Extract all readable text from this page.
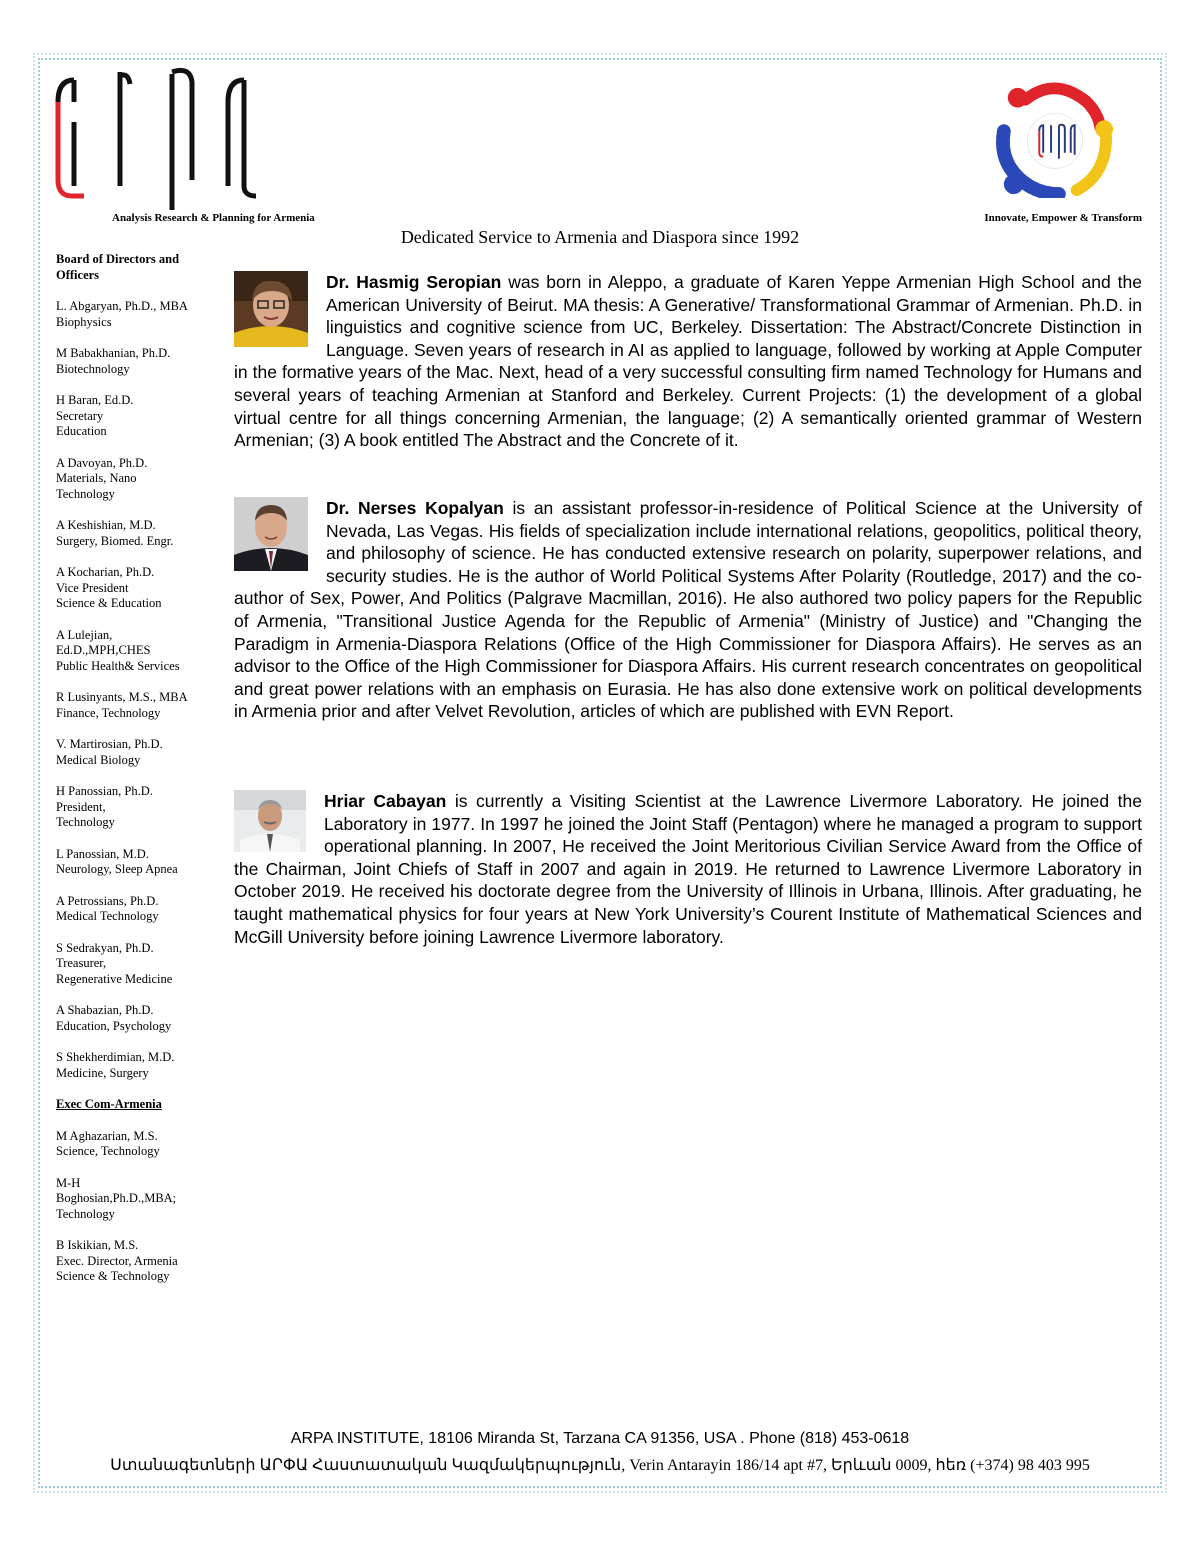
Analysis Research & Planning for Armenia	Innovate, Empower & Transform
Dedicated Service to Armenia and Diaspora since 1992
Board of Directors and Officers
L. Abgaryan, Ph.D., MBA
Biophysics
M Babakhanian, Ph.D.
Biotechnology
H Baran, Ed.D.
Secretary
Education
A Davoyan, Ph.D.
Materials, Nano
Technology
A Keshishian, M.D.
Surgery, Biomed. Engr.
A Kocharian, Ph.D.
Vice President
Science & Education
A Lulejian,
Ed.D.,MPH,CHES
Public Health& Services
R Lusinyants, M.S., MBA
Finance, Technology
V. Martirosian, Ph.D.
Medical Biology
H Panossian, Ph.D.
President,
Technology
L Panossian, M.D.
Neurology, Sleep Apnea
A Petrossians, Ph.D.
Medical Technology
S Sedrakyan, Ph.D.
Treasurer,
Regenerative Medicine
A Shabazian, Ph.D.
Education, Psychology
S Shekherdimian, M.D.
Medicine, Surgery
Exec Com-Armenia
M Aghazarian, M.S.
Science, Technology
M-H
Boghosian,Ph.D.,MBA;
Technology
B Iskikian, M.S.
Exec. Director, Armenia
Science & Technology
Dr. Hasmig Seropian was born in Aleppo, a graduate of Karen Yeppe Armenian High School and the American University of Beirut. MA thesis: A Generative/ Transformational Grammar of Armenian. Ph.D. in linguistics and cognitive science from UC, Berkeley. Dissertation: The Abstract/Concrete Distinction in Language. Seven years of research in AI as applied to language, followed by working at Apple Computer in the formative years of the Mac. Next, head of a very successful consulting firm named Technology for Humans and several years of teaching Armenian at Stanford and Berkeley. Current Projects: (1) the development of a global virtual centre for all things concerning Armenian, the language; (2) A semantically oriented grammar of Western Armenian; (3) A book entitled The Abstract and the Concrete of it.
Dr. Nerses Kopalyan is an assistant professor-in-residence of Political Science at the University of Nevada, Las Vegas. His fields of specialization include international relations, geopolitics, political theory, and philosophy of science. He has conducted extensive research on polarity, superpower relations, and security studies. He is the author of World Political Systems After Polarity (Routledge, 2017) and the co-author of Sex, Power, And Politics (Palgrave Macmillan, 2016). He also authored two policy papers for the Republic of Armenia, "Transitional Justice Agenda for the Republic of Armenia" (Ministry of Justice) and "Changing the Paradigm in Armenia-Diaspora Relations (Office of the High Commissioner for Diaspora Affairs). He serves as an advisor to the Office of the High Commissioner for Diaspora Affairs. His current research concentrates on geopolitical and great power relations with an emphasis on Eurasia. He has also done extensive work on political developments in Armenia prior and after Velvet Revolution, articles of which are published with EVN Report.
Hriar Cabayan is currently a Visiting Scientist at the Lawrence Livermore Laboratory. He joined the Laboratory in 1977. In 1997 he joined the Joint Staff (Pentagon) where he managed a program to support operational planning. In 2007, He received the Joint Meritorious Civilian Service Award from the Office of the Chairman, Joint Chiefs of Staff in 2007 and again in 2019. He returned to Lawrence Livermore Laboratory in October 2019. He received his doctorate degree from the University of Illinois in Urbana, Illinois. After graduating, he taught mathematical physics for four years at New York University’s Courent Institute of Mathematical Sciences and McGill University before joining Lawrence Livermore laboratory.
ARPA INSTITUTE, 18106 Miranda St, Tarzana CA 91356, USA . Phone (818) 453-0618
Ստանագետների ԱՐՓԱ Հաստատական Կազմակերպություն, Verin Antarayin 186/14 apt #7, Երևան 0009, հեռ (+374) 98 403 995
